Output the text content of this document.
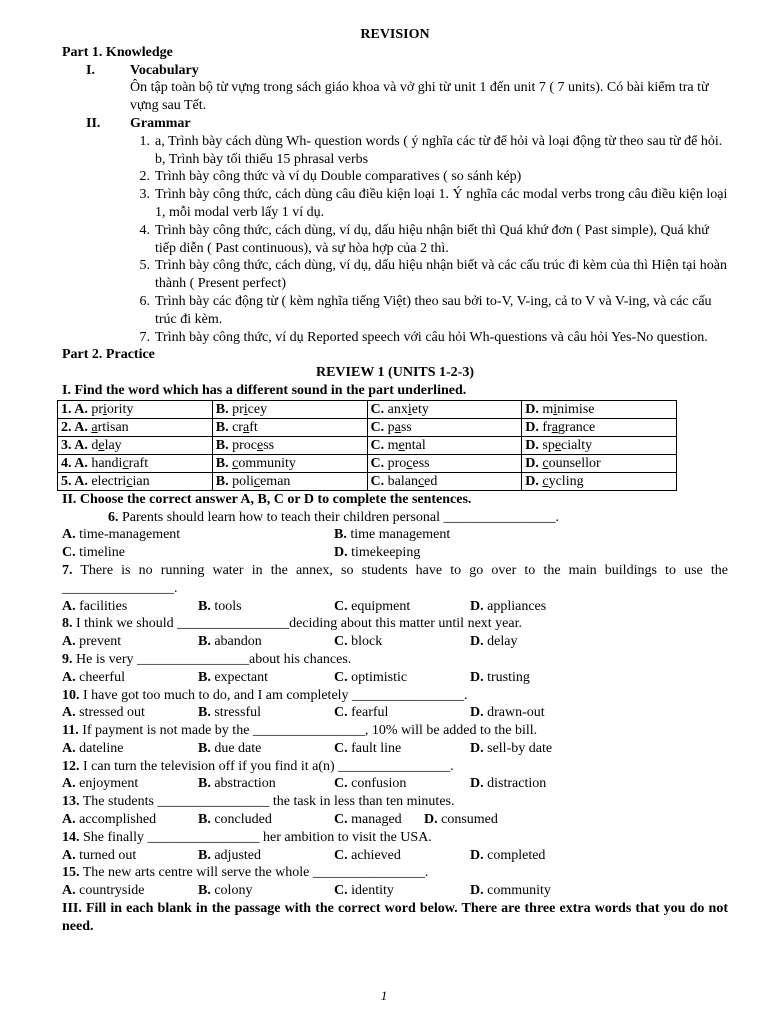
REVISION
Part 1. Knowledge
I.	Vocabulary
Ôn tập toàn bộ từ vựng trong sách giáo khoa và vở ghi từ unit 1 đến unit 7 ( 7 units). Có bài kiểm tra từ vựng sau Tết.
II.	Grammar
1. a, Trình bày cách dùng Wh- question words ( ý nghĩa các từ để hỏi và loại động từ theo sau từ để hỏi.
b, Trình bày tối thiểu 15 phrasal verbs
2. Trình bày công thức và ví dụ Double comparatives ( so sánh kép)
3. Trình bày công thức, cách dùng câu điều kiện loại 1. Ý nghĩa các modal verbs trong câu điều kiện loại 1, mỗi modal verb lấy 1 ví dụ.
4. Trình bày công thức, cách dùng, ví dụ, dấu hiệu nhận biết thì Quá khứ đơn ( Past simple), Quá khứ tiếp diễn ( Past continuous), và sự hòa hợp của 2 thì.
5. Trình bày công thức, cách dùng, ví dụ, dấu hiệu nhận biết và các cấu trúc đi kèm của thì Hiện tại hoàn thành ( Present perfect)
6. Trình bày các động từ ( kèm nghĩa tiếng Việt) theo sau bởi to-V, V-ing, cả to V và V-ing, và các cấu trúc đi kèm.
7. Trình bày công thức, ví dụ Reported speech với câu hỏi Wh-questions và câu hỏi Yes-No question.
Part 2. Practice
REVIEW 1 (UNITS 1-2-3)
I. Find the word which has a different sound in the part underlined.
1. A. priority	B. pricey	C. anxiety	D. minimise
2. A. artisan	B. craft	C. pass	D. fragrance
3. A. delay	B. process	C. mental	D. specialty
4. A. handicraft	B. community	C. process	D. counsellor
5. A. electrician	B. policeman	C. balanced	D. cycling
II. Choose the correct answer A, B, C or D to complete the sentences.
6. Parents should learn how to teach their children personal ________________.
A. time-management	B. time management
C. timeline	D. timekeeping
7. There is no running water in the annex, so students have to go over to the main buildings to use the ________________.
A. facilities	B. tools	C. equipment	D. appliances
8. I think we should ________________deciding about this matter until next year.
A. prevent	B. abandon	C. block	D. delay
9. He is very ________________about his chances.
A. cheerful	B. expectant	C. optimistic	D. trusting
10. I have got too much to do, and I am completely ________________.
A. stressed out	B. stressful	C. fearful	D. drawn-out
11. If payment is not made by the ________________, 10% will be added to the bill.
A. dateline	B. due date	C. fault line	D. sell-by date
12. I can turn the television off if you find it a(n) ________________.
A. enjoyment	B. abstraction	C. confusion	D. distraction
13. The students ________________ the task in less than ten minutes.
A. accomplished	B. concluded	C. managed	D. consumed
14. She finally ________________ her ambition to visit the USA.
A. turned out	B. adjusted	C. achieved	D. completed
15. The new arts centre will serve the whole ________________.
A. countryside	B. colony	C. identity	D. community
III. Fill in each blank in the passage with the correct word below. There are three extra words that you do not need.
1
